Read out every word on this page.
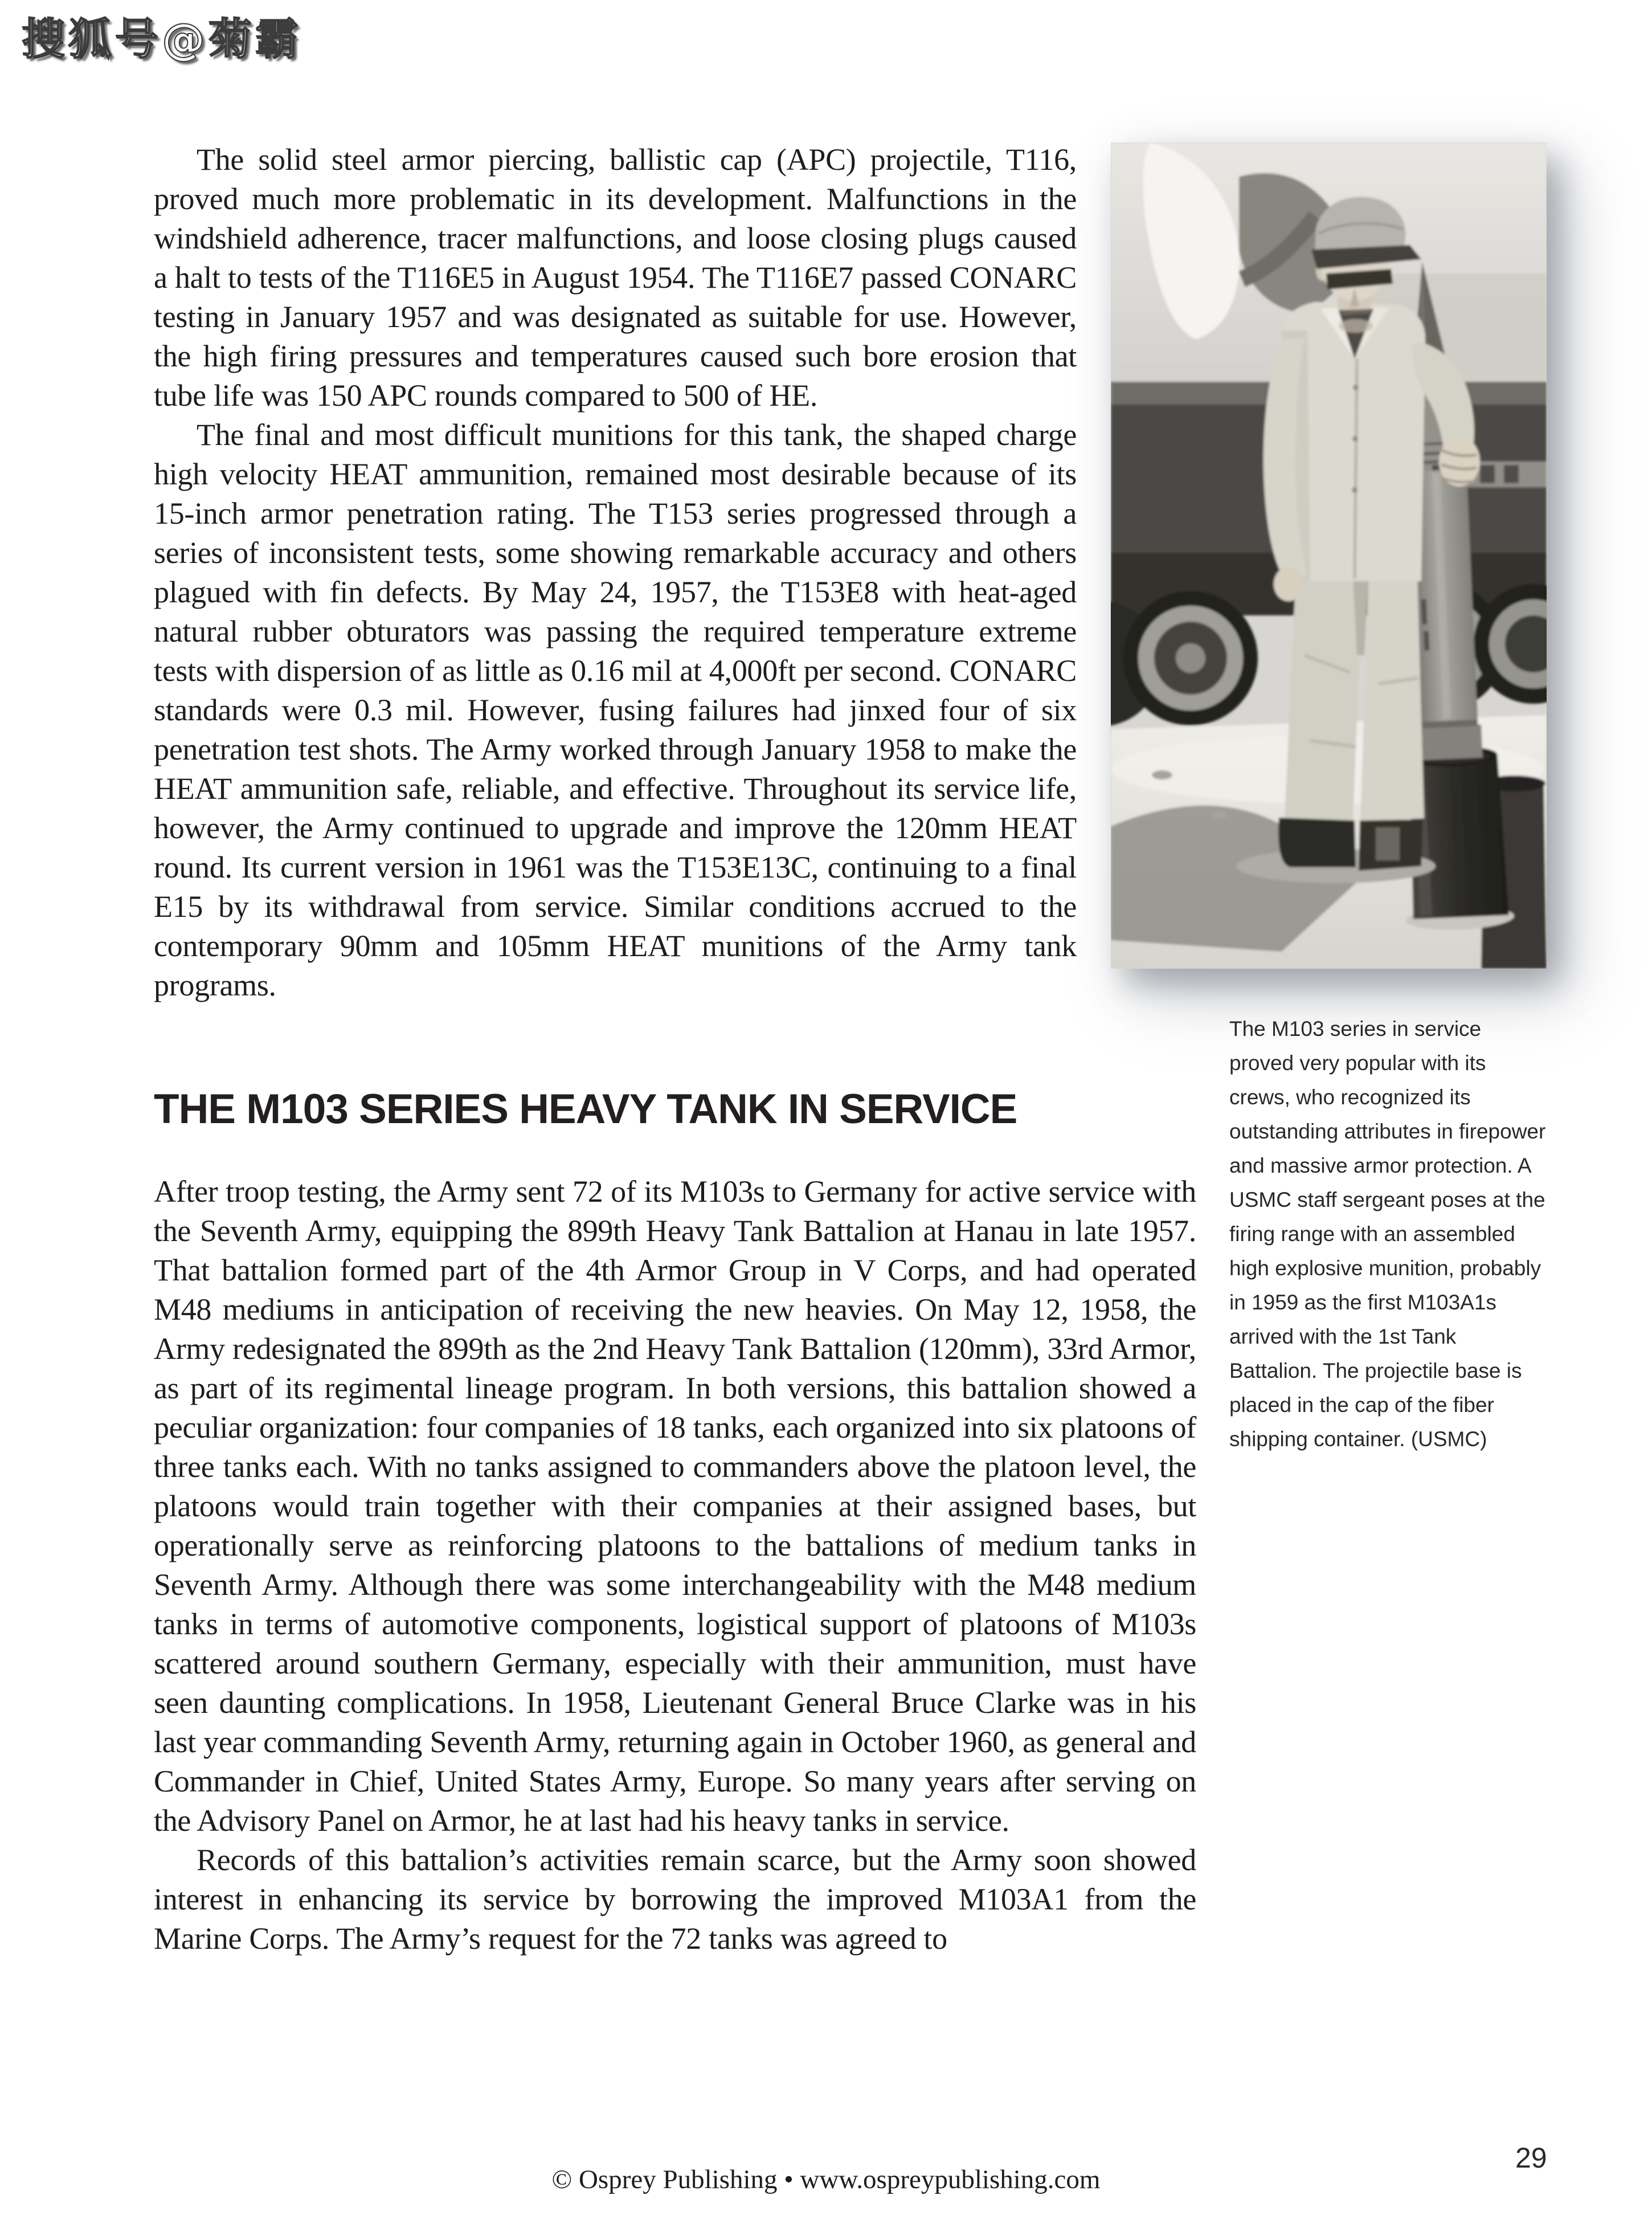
搜狐号@菊霸

The solid steel armor piercing, ballistic cap (APC) projectile, T116, proved much more problematic in its development. Malfunctions in the windshield adherence, tracer malfunctions, and loose closing plugs caused a halt to tests of the T116E5 in August 1954. The T116E7 passed CONARC testing in January 1957 and was designated as suitable for use. However, the high firing pressures and temperatures caused such bore erosion that tube life was 150 APC rounds compared to 500 of HE.

The final and most difficult munitions for this tank, the shaped charge high velocity HEAT ammunition, remained most desirable because of its 15-inch armor penetration rating. The T153 series progressed through a series of inconsistent tests, some showing remarkable accuracy and others plagued with fin defects. By May 24, 1957, the T153E8 with heat-aged natural rubber obturators was passing the required temperature extreme tests with dispersion of as little as 0.16 mil at 4,000ft per second. CONARC standards were 0.3 mil. However, fusing failures had jinxed four of six penetration test shots. The Army worked through January 1958 to make the HEAT ammunition safe, reliable, and effective. Throughout its service life, however, the Army continued to upgrade and improve the 120mm HEAT round. Its current version in 1961 was the T153E13C, continuing to a final E15 by its withdrawal from service. Similar conditions accrued to the contemporary 90mm and 105mm HEAT munitions of the Army tank programs.

THE M103 SERIES HEAVY TANK IN SERVICE

After troop testing, the Army sent 72 of its M103s to Germany for active service with the Seventh Army, equipping the 899th Heavy Tank Battalion at Hanau in late 1957. That battalion formed part of the 4th Armor Group in V Corps, and had operated M48 mediums in anticipation of receiving the new heavies. On May 12, 1958, the Army redesignated the 899th as the 2nd Heavy Tank Battalion (120mm), 33rd Armor, as part of its regimental lineage program. In both versions, this battalion showed a peculiar organization: four companies of 18 tanks, each organized into six platoons of three tanks each. With no tanks assigned to commanders above the platoon level, the platoons would train together with their companies at their assigned bases, but operationally serve as reinforcing platoons to the battalions of medium tanks in Seventh Army. Although there was some interchangeability with the M48 medium tanks in terms of automotive components, logistical support of platoons of M103s scattered around southern Germany, especially with their ammunition, must have seen daunting complications. In 1958, Lieutenant General Bruce Clarke was in his last year commanding Seventh Army, returning again in October 1960, as general and Commander in Chief, United States Army, Europe. So many years after serving on the Advisory Panel on Armor, he at last had his heavy tanks in service.

Records of this battalion’s activities remain scarce, but the Army soon showed interest in enhancing its service by borrowing the improved M103A1 from the Marine Corps. The Army’s request for the 72 tanks was agreed to

The M103 series in service proved very popular with its crews, who recognized its outstanding attributes in firepower and massive armor protection. A USMC staff sergeant poses at the firing range with an assembled high explosive munition, probably in 1959 as the first M103A1s arrived with the 1st Tank Battalion. The projectile base is placed in the cap of the fiber shipping container. (USMC)
© Osprey Publishing • www.ospreypublishing.com
29
